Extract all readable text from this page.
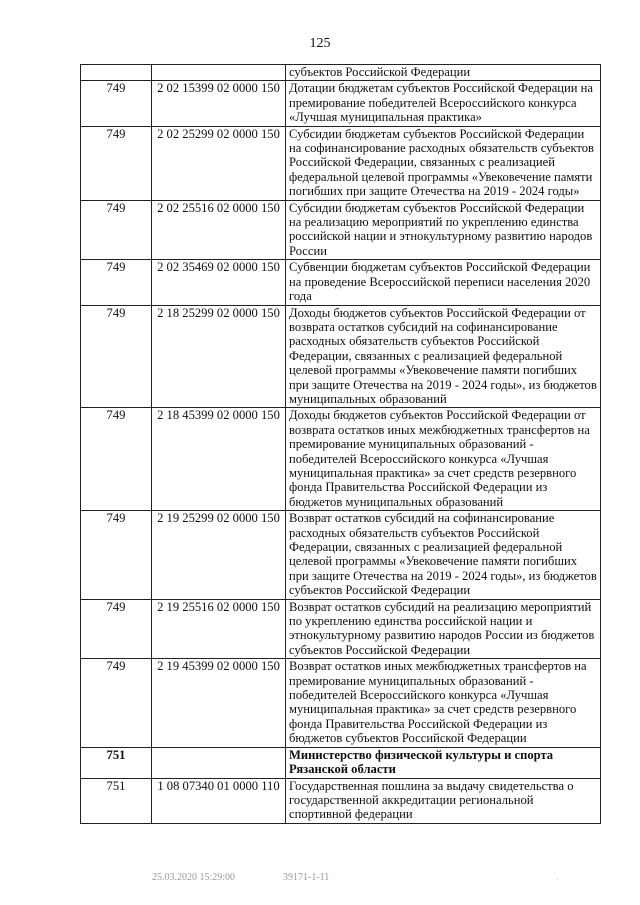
125
		субъектов Российской Федерации
749	2 02 15399 02 0000 150	Дотации бюджетам субъектов Российской Федерации на премирование победителей Всероссийского конкурса «Лучшая муниципальная практика»
749	2 02 25299 02 0000 150	Субсидии бюджетам субъектов Российской Федерации на софинансирование расходных обязательств субъектов Российской Федерации, связанных с реализацией федеральной целевой программы «Увековечение памяти погибших при защите Отечества на 2019 - 2024 годы»
749	2 02 25516 02 0000 150	Субсидии бюджетам субъектов Российской Федерации на реализацию мероприятий по укреплению единства российской нации и этнокультурному развитию народов России
749	2 02 35469 02 0000 150	Субвенции бюджетам субъектов Российской Федерации на проведение Всероссийской переписи населения 2020 года
749	2 18 25299 02 0000 150	Доходы бюджетов субъектов Российской Федерации от возврата остатков субсидий на софинансирование расходных обязательств субъектов Российской Федерации, связанных с реализацией федеральной целевой программы «Увековечение памяти погибших при защите Отечества на 2019 - 2024 годы», из бюджетов муниципальных образований
749	2 18 45399 02 0000 150	Доходы бюджетов субъектов Российской Федерации от возврата остатков иных межбюджетных трансфертов на премирование муниципальных образований - победителей Всероссийского конкурса «Лучшая муниципальная практика» за счет средств резервного фонда Правительства Российской Федерации из бюджетов муниципальных образований
749	2 19 25299 02 0000 150	Возврат остатков субсидий на софинансирование расходных обязательств субъектов Российской Федерации, связанных с реализацией федеральной целевой программы «Увековечение памяти погибших при защите Отечества на 2019 - 2024 годы», из бюджетов субъектов Российской Федерации
749	2 19 25516 02 0000 150	Возврат остатков субсидий на реализацию мероприятий по укреплению единства российской нации и этнокультурному развитию народов России из бюджетов субъектов Российской Федерации
749	2 19 45399 02 0000 150	Возврат остатков иных межбюджетных трансфертов на премирование муниципальных образований - победителей Всероссийского конкурса «Лучшая муниципальная практика» за счет средств резервного фонда Правительства Российской Федерации из бюджетов субъектов Российской Федерации
751		Министерство физической культуры и спорта Рязанской области
751	1 08 07340 01 0000 110	Государственная пошлина за выдачу свидетельства о государственной аккредитации региональной спортивной федерации
25.03.2020 15:29:00	39171-1-11	.
